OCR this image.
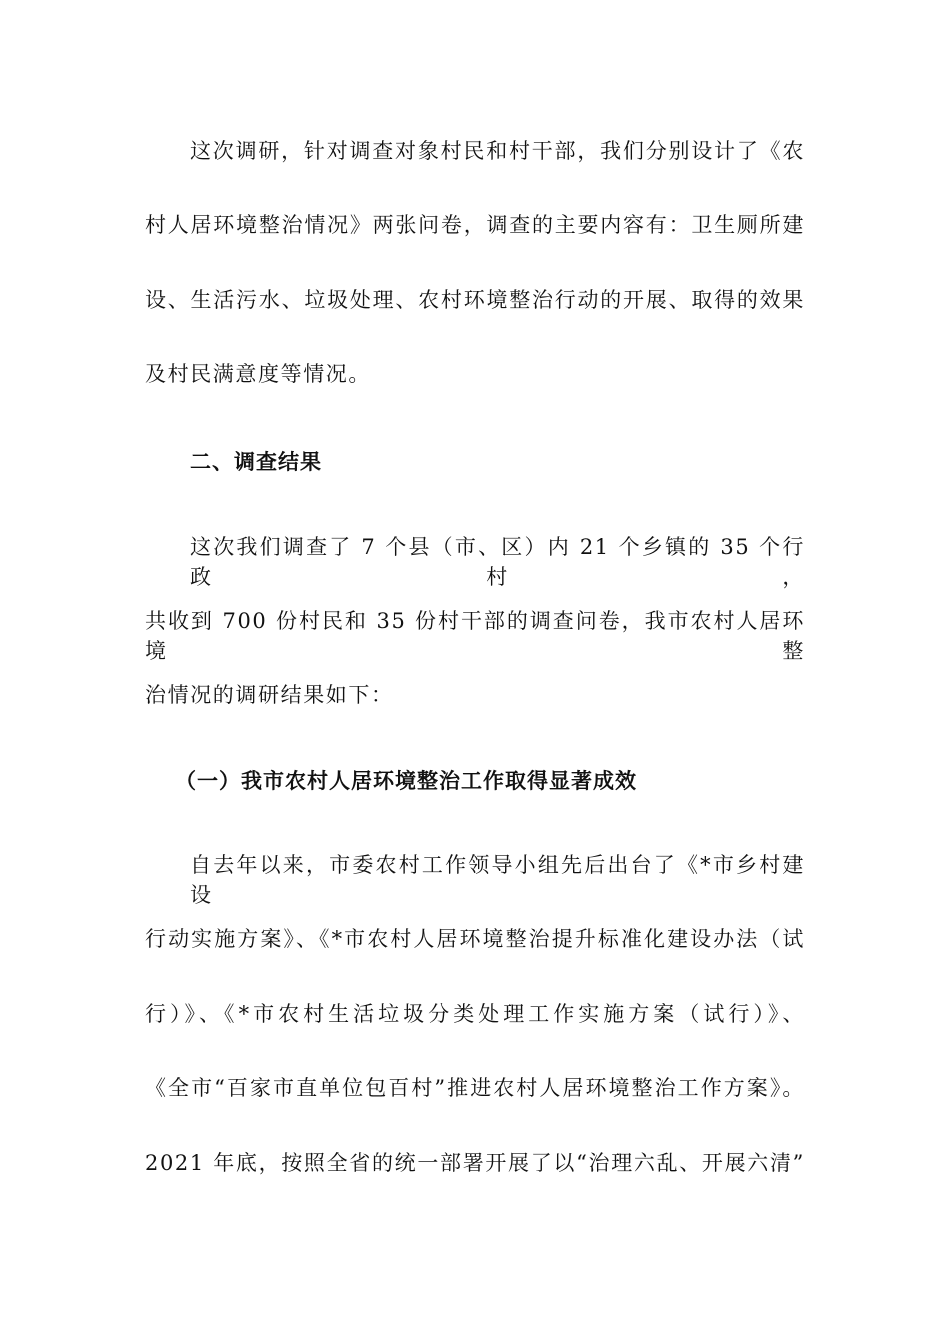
这次调研，针对调查对象村民和村干部，我们分别设计了《农
村人居环境整治情况》两张问卷，调查的主要内容有：卫生厕所建
设、生活污水、垃圾处理、农村环境整治行动的开展、取得的效果
及村民满意度等情况。
二、调查结果
这次我们调查了 7 个县（市、区）内 21 个乡镇的 35 个行政村，
共收到 700 份村民和 35 份村干部的调查问卷，我市农村人居环境整
治情况的调研结果如下：
（一）我市农村人居环境整治工作取得显著成效
自去年以来，市委农村工作领导小组先后出台了《*市乡村建设
行动实施方案》、《*市农村人居环境整治提升标准化建设办法（试
行）》、《*市农村生活垃圾分类处理工作实施方案（试行）》、
《全市“百家市直单位包百村”推进农村人居环境整治工作方案》。
2021 年底，按照全省的统一部署开展了以“治理六乱、开展六清”
